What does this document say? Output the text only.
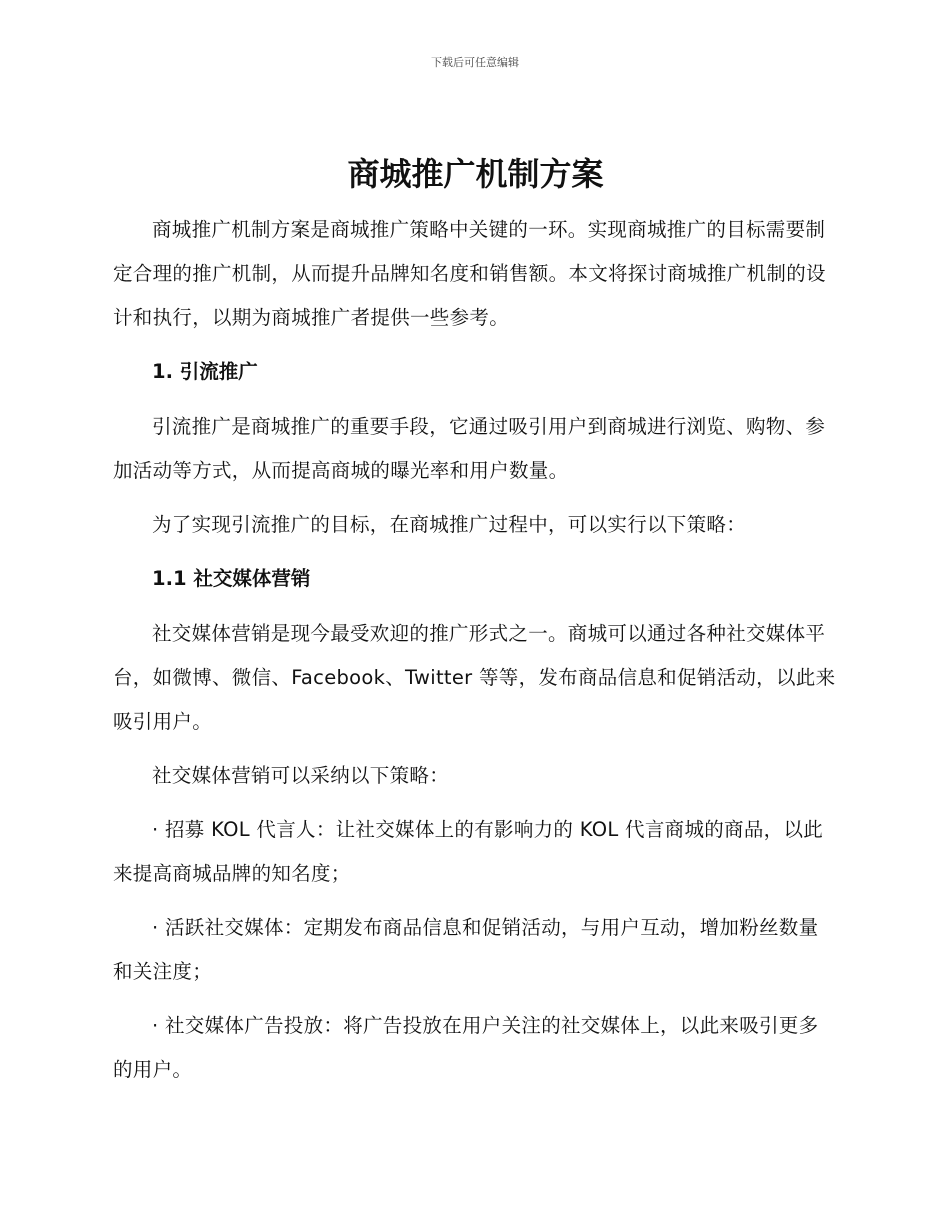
下载后可任意编辑
商城推广机制方案

商城推广机制方案是商城推广策略中关键的一环。实现商城推广的目标需要制定合理的推广机制，从而提升品牌知名度和销售额。本文将探讨商城推广机制的设计和执行，以期为商城推广者提供一些参考。

1. 引流推广

引流推广是商城推广的重要手段，它通过吸引用户到商城进行浏览、购物、参加活动等方式，从而提高商城的曝光率和用户数量。

为了实现引流推广的目标，在商城推广过程中，可以实行以下策略：

1.1 社交媒体营销

社交媒体营销是现今最受欢迎的推广形式之一。商城可以通过各种社交媒体平台，如微博、微信、Facebook、Twitter 等等，发布商品信息和促销活动，以此来吸引用户。

社交媒体营销可以采纳以下策略：

· 招募 KOL 代言人：让社交媒体上的有影响力的 KOL 代言商城的商品，以此来提高商城品牌的知名度；

· 活跃社交媒体：定期发布商品信息和促销活动，与用户互动，增加粉丝数量和关注度；

· 社交媒体广告投放：将广告投放在用户关注的社交媒体上，以此来吸引更多的用户。
